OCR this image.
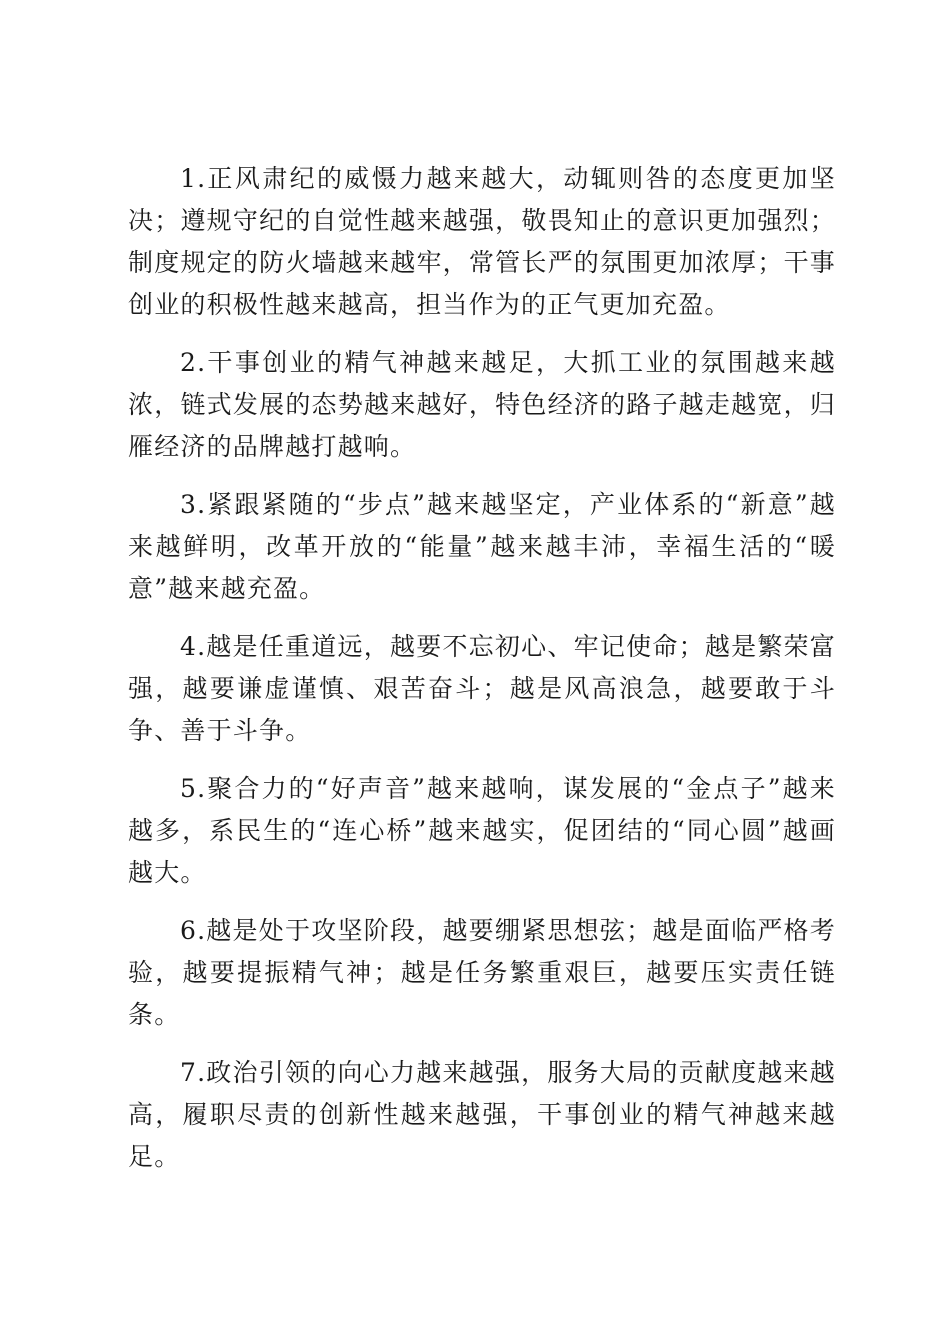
1.正风肃纪的威慑力越来越大，动辄则咎的态度更加坚决；遵规守纪的自觉性越来越强，敬畏知止的意识更加强烈；制度规定的防火墙越来越牢，常管长严的氛围更加浓厚；干事创业的积极性越来越高，担当作为的正气更加充盈。

2.干事创业的精气神越来越足，大抓工业的氛围越来越浓，链式发展的态势越来越好，特色经济的路子越走越宽，归雁经济的品牌越打越响。

3.紧跟紧随的“步点”越来越坚定，产业体系的“新意”越来越鲜明，改革开放的“能量”越来越丰沛，幸福生活的“暖意”越来越充盈。

4.越是任重道远，越要不忘初心、牢记使命；越是繁荣富强，越要谦虚谨慎、艰苦奋斗；越是风高浪急，越要敢于斗争、善于斗争。

5.聚合力的“好声音”越来越响，谋发展的“金点子”越来越多，系民生的“连心桥”越来越实，促团结的“同心圆”越画越大。

6.越是处于攻坚阶段，越要绷紧思想弦；越是面临严格考验，越要提振精气神；越是任务繁重艰巨，越要压实责任链条。

7.政治引领的向心力越来越强，服务大局的贡献度越来越高，履职尽责的创新性越来越强，干事创业的精气神越来越足。
